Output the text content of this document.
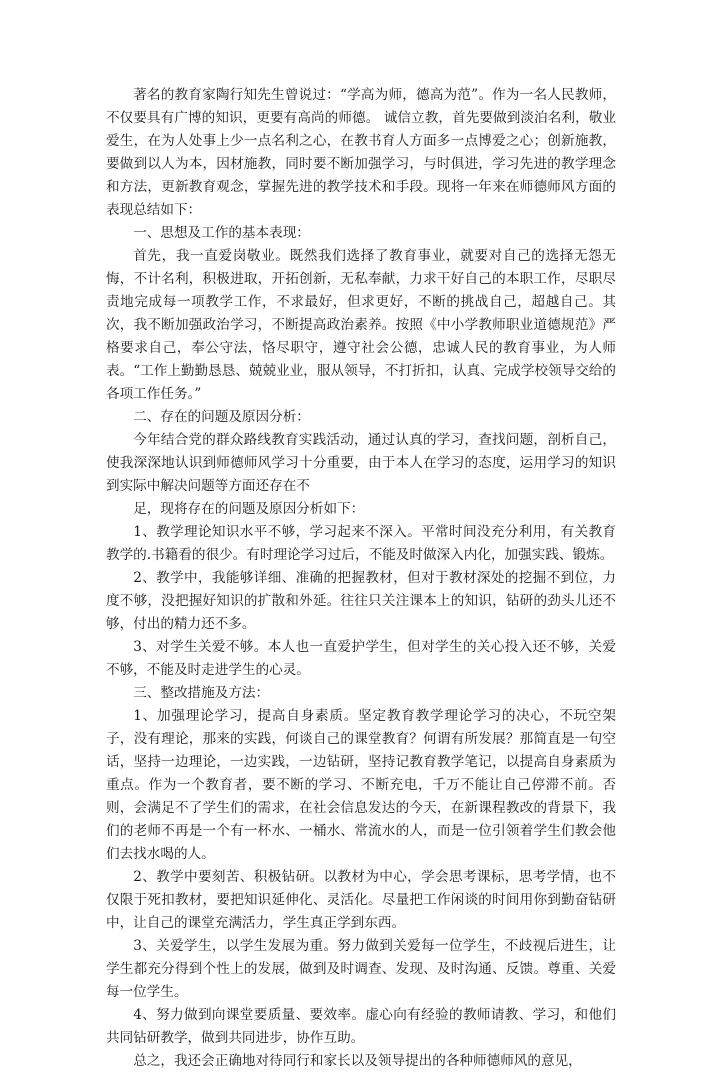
著名的教育家陶行知先生曾说过：“学高为师，德高为范”。作为一名人民教师，不仅要具有广博的知识，更要有高尚的师德。 诚信立教，首先要做到淡泊名利，敬业爱生，在为人处事上少一点名利之心，在教书育人方面多一点博爱之心；创新施教，要做到以人为本，因材施教，同时要不断加强学习，与时俱进，学习先进的教学理念和方法，更新教育观念，掌握先进的教学技术和手段。现将一年来在师德师风方面的表现总结如下：

一、思想及工作的基本表现：

首先，我一直爱岗敬业。既然我们选择了教育事业，就要对自己的选择无怨无悔，不计名利，积极进取，开拓创新，无私奉献，力求干好自己的本职工作，尽职尽责地完成每一项教学工作，不求最好，但求更好，不断的挑战自己，超越自己。其次，我不断加强政治学习，不断提高政治素养。按照《中小学教师职业道德规范》严格要求自己，奉公守法，恪尽职守，遵守社会公德，忠诚人民的教育事业，为人师表。“工作上勤勤恳恳、兢兢业业，服从领导，不打折扣，认真、完成学校领导交给的各项工作任务。”

二、存在的问题及原因分析：

今年结合党的群众路线教育实践活动，通过认真的学习，查找问题，剖析自己，使我深深地认识到师德师风学习十分重要，由于本人在学习的态度，运用学习的知识到实际中解决问题等方面还存在不

足，现将存在的问题及原因分析如下：

1、教学理论知识水平不够，学习起来不深入。平常时间没充分利用，有关教育教学的.书籍看的很少。有时理论学习过后，不能及时做深入内化，加强实践、锻炼。

2、教学中，我能够详细、准确的把握教材，但对于教材深处的挖掘不到位，力度不够，没把握好知识的扩散和外延。往往只关注课本上的知识，钻研的劲头儿还不够，付出的精力还不多。

3、对学生关爱不够。本人也一直爱护学生，但对学生的关心投入还不够，关爱不够，不能及时走进学生的心灵。

三、整改措施及方法：

1、加强理论学习，提高自身素质。坚定教育教学理论学习的决心，不玩空架子，没有理论，那来的实践，何谈自己的课堂教育？何谓有所发展？那简直是一句空话，坚持一边理论，一边实践，一边钻研，坚持记教育教学笔记，以提高自身素质为重点。作为一个教育者，要不断的学习、不断充电，千万不能让自己停滞不前。否则，会满足不了学生们的需求，在社会信息发达的今天，在新课程教改的背景下，我们的老师不再是一个有一杯水、一桶水、常流水的人，而是一位引领着学生们教会他们去找水喝的人。

2、教学中要刻苦、积极钻研。以教材为中心，学会思考课标，思考学情，也不仅限于死扣教材，要把知识延伸化、灵活化。尽量把工作闲谈的时间用你到勤奋钻研中，让自己的课堂充满活力，学生真正学到东西。

3、关爱学生，以学生发展为重。努力做到关爱每一位学生，不歧视后进生，让学生都充分得到个性上的发展，做到及时调查、发现、及时沟通、反馈。尊重、关爱每一位学生。

4、努力做到向课堂要质量、要效率。虚心向有经验的教师请教、学习，和他们共同钻研教学，做到共同进步，协作互助。

总之，我还会正确地对待同行和家长以及领导提出的各种师德师风的意见，
